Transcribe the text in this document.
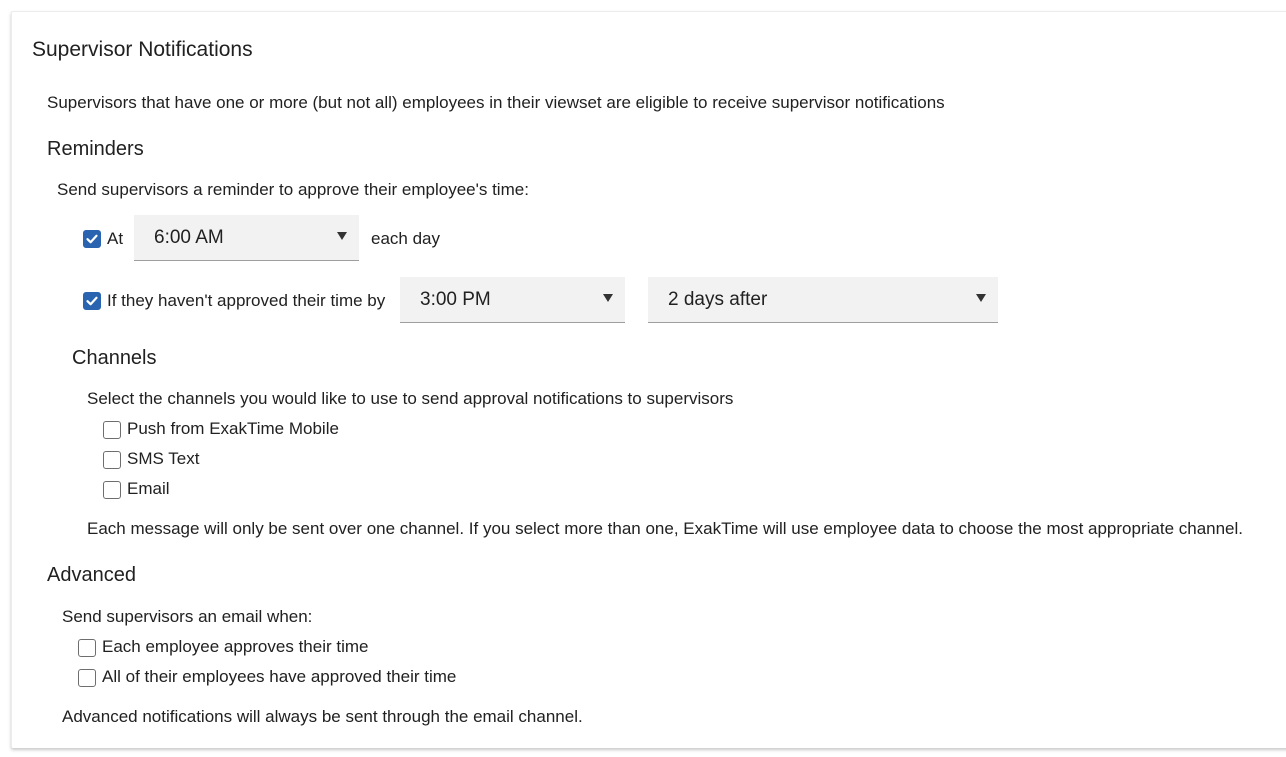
Supervisor Notifications
Supervisors that have one or more (but not all) employees in their viewset are eligible to receive supervisor notifications
Reminders
Send supervisors a reminder to approve their employee's time:
At 6:00 AM	each day
If they haven't approved their time by 3:00 PM	2 days after
Channels
Select the channels you would like to use to send approval notifications to supervisors
Push from ExakTime Mobile
SMS Text
Email
Each message will only be sent over one channel. If you select more than one, ExakTime will use employee data to choose the most appropriate channel.
Advanced
Send supervisors an email when:
Each employee approves their time
All of their employees have approved their time
Advanced notifications will always be sent through the email channel.
